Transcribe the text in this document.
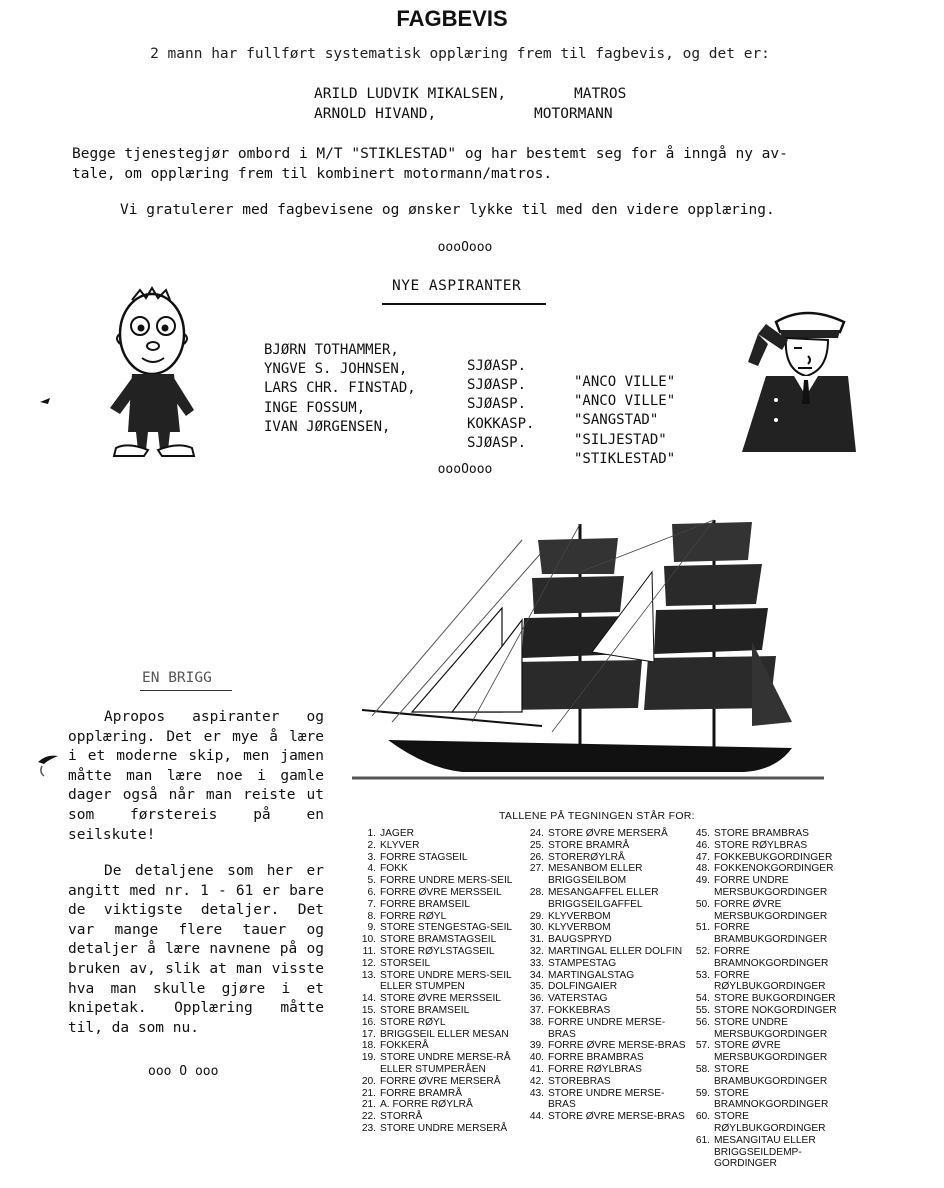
FAGBEVIS
2 mann har fullført systematisk opplæring frem til fagbevis, og det er:
ARILD LUDVIK MIKALSEN,	MATROS
ARNOLD HIVAND,	MOTORMANN
Begge tjenestegjør ombord i M/T "STIKLESTAD" og har bestemt seg for å inngå ny av-
tale, om opplæring frem til kombinert motormann/matros.
Vi gratulerer med fagbevisene og ønsker lykke til med den videre opplæring.
oooOooo
NYE ASPIRANTER

BJØRN TOTHAMMER,

SJØASP.

"ANCO VILLE"

YNGVE S. JOHNSEN,

SJØASP.

"ANCO VILLE"

LARS CHR. FINSTAD,

SJØASP.

"SANGSTAD"

INGE FOSSUM,

KOKKASP.

"SILJESTAD"

IVAN JØRGENSEN,

SJØASP.

"STIKLESTAD"

oooOooo
EN BRIGG
Apropos aspiranter og opplæring. Det er mye å lære i et moderne skip, men jamen måtte man lære noe i gamle dager også når man reiste ut som førstereis på en seilskute!
De detaljene som her er angitt med nr. 1 - 61 er bare de viktigste detaljer. Det var mange flere tauer og detaljer å lære navnene på og bruken av, slik at man visste hva man skulle gjøre i et knipetak. Opplæring måtte til, da som nu.
ooo O ooo
TALLENE PÅ TEGNINGEN STÅR FOR:
1. JAGER
2. KLYVER
3. FORRE STAGSEIL
4. FOKK
5. FORRE UNDRE MERS-SEIL
6. FORRE ØVRE MERSSEIL
7. FORRE BRAMSEIL
8. FORRE RØYL
9. STORE STENGESTAG-SEIL
10. STORE BRAMSTAGSEIL
11. STORE RØYLSTAGSEIL
12. STORSEIL
13. STORE UNDRE MERS-SEIL ELLER STUMPEN
14. STORE ØVRE MERSSEIL
15. STORE BRAMSEIL
16. STORE RØYL
17. BRIGGSEIL ELLER MESAN
18. FOKKERÅ
19. STORE UNDRE MERSE-RÅ ELLER STUMPERÅEN
20. FORRE ØVRE MERSERÅ
21. FORRE BRAMRÅ
21. A. FORRE RØYLRÅ
22. STORRÅ
23. STORE UNDRE MERSERÅ
24. STORE ØVRE MERSERÅ
25. STORE BRAMRÅ
26. STORERØYLRÅ
27. MESANBOM ELLER BRIGGSEILBOM
28. MESANGAFFEL ELLER BRIGGSEILGAFFEL
29. KLYVERBOM
30. KLYVERBOM
31. BAUGSPRYD
32. MARTINGAL ELLER DOLFIN
33. STAMPESTAG
34. MARTINGALSTAG
35. DOLFINGAIER
36. VATERSTAG
37. FOKKEBRAS
38. FORRE UNDRE MERSE-BRAS
39. FORRE ØVRE MERSE-BRAS
40. FORRE BRAMBRAS
41. FORRE RØYLBRAS
42. STOREBRAS
43. STORE UNDRE MERSE-BRAS
44. STORE ØVRE MERSE-BRAS
45. STORE BRAMBRAS
46. STORE RØYLBRAS
47. FOKKEBUKGORDINGER
48. FOKKENOKGORDINGER
49. FORRE UNDRE MERSBUKGORDINGER
50. FORRE ØVRE MERSBUKGORDINGER
51. FORRE BRAMBUKGORDINGER
52. FORRE BRAMNOKGORDINGER
53. FORRE RØYLBUKGORDINGER
54. STORE BUKGORDINGER
55. STORE NOKGORDINGER
56. STORE UNDRE MERSBUKGORDINGER
57. STORE ØVRE MERSBUKGORDINGER
58. STORE BRAMBUKGORDINGER
59. STORE BRAMNOKGORDINGER
60. STORE RØYLBUKGORDINGER
61. MESANGITAU ELLER BRIGGSEILDEMP-GORDINGER
